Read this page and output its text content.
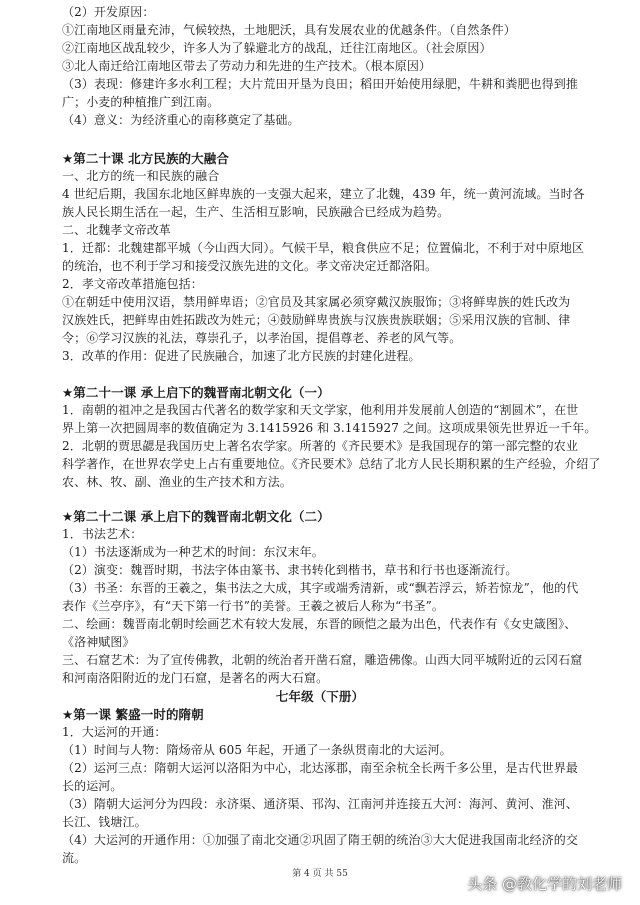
（2）开发原因：
①江南地区雨量充沛，气候较热，土地肥沃，具有发展农业的优越条件。（自然条件）
②江南地区战乱较少，许多人为了躲避北方的战乱，迁往江南地区。（社会原因）
③北人南迁给江南地区带去了劳动力和先进的生产技术。（根本原因）
（3）表现：修建许多水利工程；大片荒田开垦为良田；稻田开始使用绿肥，牛耕和粪肥也得到推
广；小麦的种植推广到江南。
（4）意义：为经济重心的南移奠定了基础。
★第二十课 北方民族的大融合
一、北方的统一和民族的融合
4 世纪后期，我国东北地区鲜卑族的一支强大起来，建立了北魏，439 年，统一黄河流域。当时各
族人民长期生活在一起，生产、生活相互影响，民族融合已经成为趋势。
二、北魏孝文帝改革
1．迁都：北魏建都平城（今山西大同）。气候干旱，粮食供应不足；位置偏北，不利于对中原地区
的统治，也不利于学习和接受汉族先进的文化。孝文帝决定迁都洛阳。
2．孝文帝改革措施包括：
①在朝廷中使用汉语，禁用鲜卑语；②官员及其家属必须穿戴汉族服饰；③将鲜卑族的姓氏改为
汉族姓氏，把鲜卑由姓拓跋改为姓元；④鼓励鲜卑贵族与汉族贵族联姻；⑤采用汉族的官制、律
令；⑥学习汉族的礼法，尊崇孔子，以孝治国，提倡尊老、养老的风气等。
3．改革的作用：促进了民族融合，加速了北方民族的封建化进程。
★第二十一课 承上启下的魏晋南北朝文化（一）
1．南朝的祖冲之是我国古代著名的数学家和天文学家，他利用并发展前人创造的“割圆术”，在世
界上第一次把圆周率的数值确定为 3.1415926 和 3.1415927 之间。这项成果领先世界近一千年。
2．北朝的贾思勰是我国历史上著名农学家。所著的《齐民要术》是我国现存的第一部完整的农业
科学著作，在世界农学史上占有重要地位。《齐民要术》总结了北方人民长期积累的生产经验，介绍了
农、林、牧、副、渔业的生产技术和方法。
★第二十二课 承上启下的魏晋南北朝文化（二）
1．书法艺术：
（1）书法逐渐成为一种艺术的时间：东汉末年。
（2）演变：魏晋时期，书法字体由篆书、隶书转化到楷书，草书和行书也逐渐流行。
（3）书圣：东晋的王羲之，集书法之大成，其字或端秀清新，或“飘若浮云，矫若惊龙”，他的代
表作《兰亭序》，有“天下第一行书”的美誉。王羲之被后人称为“书圣”。
二、绘画：魏晋南北朝时绘画艺术有较大发展，东晋的顾恺之最为出色，代表作有《女史箴图》、
《洛神赋图》
三、石窟艺术：为了宣传佛教，北朝的统治者开凿石窟，雕造佛像。山西大同平城附近的云冈石窟
和河南洛阳附近的龙门石窟，是著名的两大石窟。
七年级（下册）
★第一课 繁盛一时的隋朝
1．大运河的开通：
（1）时间与人物：隋炀帝从 605 年起，开通了一条纵贯南北的大运河。
（2）运河三点：隋朝大运河以洛阳为中心，北达涿郡，南至余杭全长两千多公里，是古代世界最
长的运河。
（3）隋朝大运河分为四段：永济渠、通济渠、邗沟、江南河并连接五大河：海河、黄河、淮河、
长江、钱塘江。
（4）大运河的开通作用：①加强了南北交通②巩固了隋王朝的统治③大大促进我国南北经济的交
流。
第 4 页 共 55
头条 @教化学的刘老师
